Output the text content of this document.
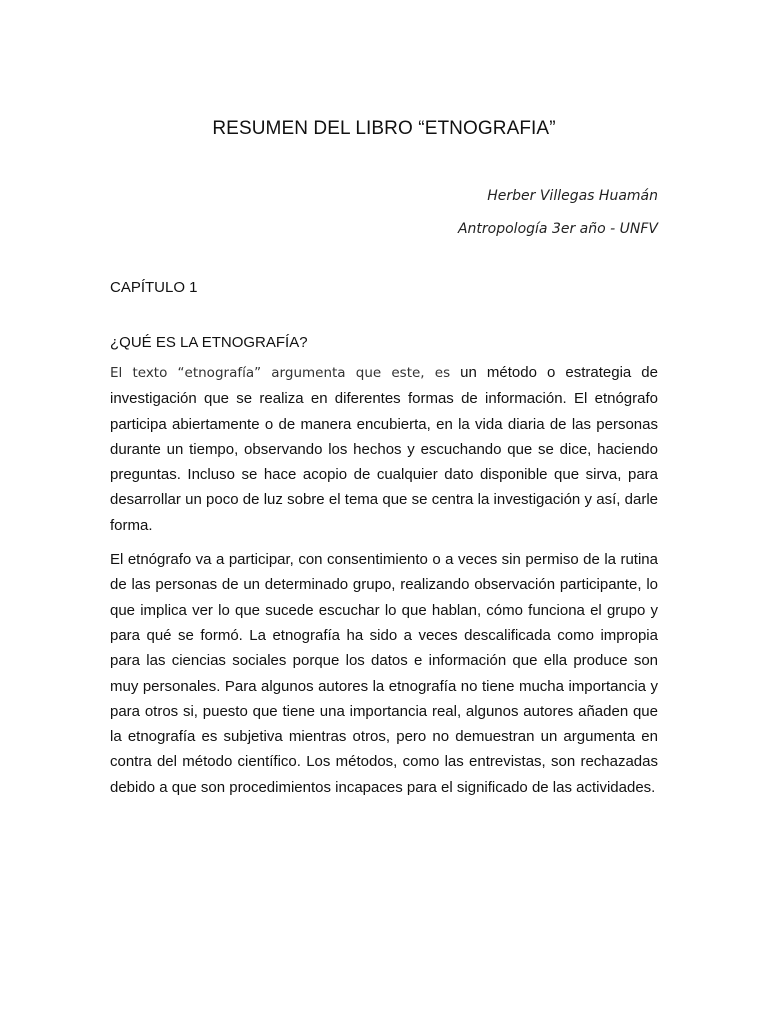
RESUMEN DEL LIBRO “ETNOGRAFIA”

Herber Villegas Huamán

Antropología 3er año - UNFV

CAPÍTULO 1

¿QUÉ ES LA ETNOGRAFÍA?

El texto “etnografía” argumenta que este, es un método o estrategia de investigación que se realiza en diferentes formas de información. El etnógrafo participa abiertamente o de manera encubierta, en la vida diaria de las personas durante un tiempo, observando los hechos y escuchando que se dice, haciendo preguntas. Incluso se hace acopio de cualquier dato disponible que sirva, para desarrollar un poco de luz sobre el tema que se centra la investigación y así, darle forma.

El etnógrafo va a participar, con consentimiento o a veces sin permiso de la rutina de las personas de un determinado grupo, realizando observación participante, lo que implica ver lo que sucede escuchar lo que hablan, cómo funciona el grupo y para qué se formó. La etnografía ha sido a veces descalificada como impropia para las ciencias sociales porque los datos e información que ella produce son muy personales. Para algunos autores la etnografía no tiene mucha importancia y para otros si, puesto que tiene una importancia real, algunos autores añaden que la etnografía es subjetiva mientras otros, pero no demuestran un argumenta en contra del método científico. Los métodos, como las entrevistas, son rechazadas debido a que son procedimientos incapaces para el significado de las actividades.
